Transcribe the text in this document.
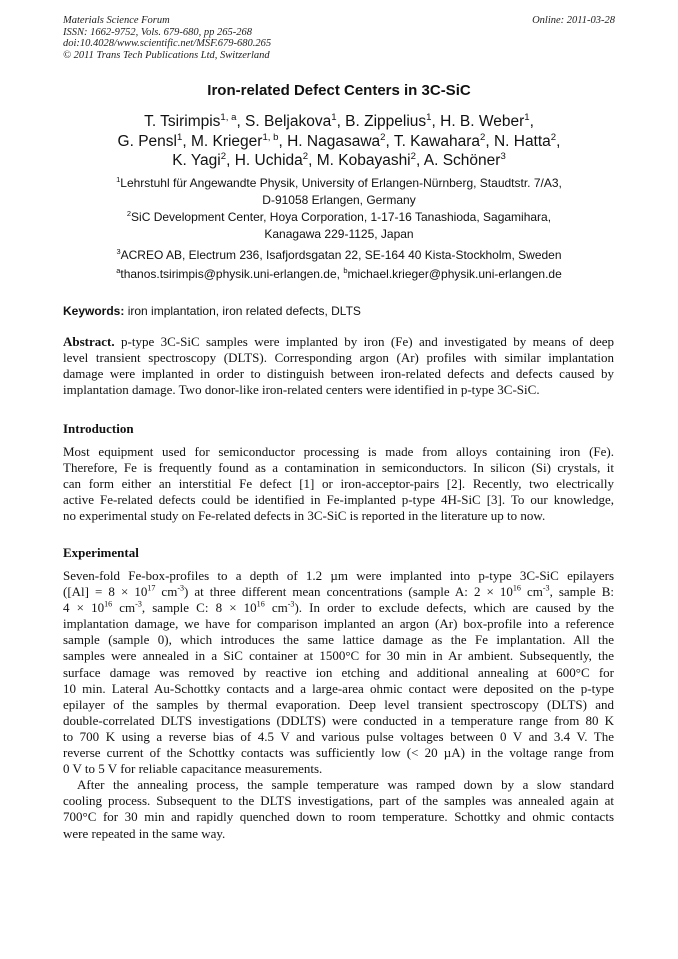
Materials Science Forum
ISSN: 1662-9752, Vols. 679-680, pp 265-268
doi:10.4028/www.scientific.net/MSF.679-680.265
© 2011 Trans Tech Publications Ltd, Switzerland
Online: 2011-03-28
Iron-related Defect Centers in 3C-SiC
T. Tsirimpis$^{1, a}$, S. Beljakova$^1$, B. Zippelius$^1$, H. B. Weber$^1$,
G. Pensl$^1$, M. Krieger$^{1, b}$, H. Nagasawa$^2$, T. Kawahara$^2$, N. Hatta$^2$,
K. Yagi$^2$, H. Uchida$^2$, M. Kobayashi$^2$, A. Schöner$^3$
$^1$Lehrstuhl für Angewandte Physik, University of Erlangen-Nürnberg, Staudtstr. 7/A3,
D-91058 Erlangen, Germany
$^2$SiC Development Center, Hoya Corporation, 1-17-16 Tanashioda, Sagamihara,
Kanagawa 229-1125, Japan
$^3$ACREO AB, Electrum 236, Isafjordsgatan 22, SE-164 40 Kista-Stockholm, Sweden
$^a$thanos.tsirimpis@physik.uni-erlangen.de, $^b$michael.krieger@physik.uni-erlangen.de
Keywords: iron implantation, iron related defects, DLTS
Abstract. p-type 3C-SiC samples were implanted by iron (Fe) and investigated by means of deep
level transient spectroscopy (DLTS). Corresponding argon (Ar) profiles with similar implantation
damage were implanted in order to distinguish between iron-related defects and defects caused by
implantation damage. Two donor-like iron-related centers were identified in p-type 3C-SiC.
Introduction
Most equipment used for semiconductor processing is made from alloys containing iron (Fe).
Therefore, Fe is frequently found as a contamination in semiconductors. In silicon (Si) crystals, it
can form either an interstitial Fe defect [1] or iron-acceptor-pairs [2]. Recently, two electrically
active Fe-related defects could be identified in Fe-implanted p-type 4H-SiC [3]. To our knowledge,
no experimental study on Fe-related defects in 3C-SiC is reported in the literature up to now.
Experimental
Seven-fold Fe-box-profiles to a depth of 1.2 µm were implanted into p-type 3C-SiC epilayers
($[Al] = 8 \times 10^{17}$ $cm^{-3}$) at three different mean concentrations (sample A: $2 \times 10^{16}$ $cm^{-3}$, sample B:
$4 \times 10^{16}$ $cm^{-3}$, sample C: $8 \times 10^{16}$ $cm^{-3}$). In order to exclude defects, which are caused by the
implantation damage, we have for comparison implanted an argon (Ar) box-profile into a reference
sample (sample 0), which introduces the same lattice damage as the Fe implantation. All the
samples were annealed in a SiC container at 1500°C for 30 min in Ar ambient. Subsequently, the
surface damage was removed by reactive ion etching and additional annealing at 600°C for
10 min. Lateral Au-Schottky contacts and a large-area ohmic contact were deposited on the p-type
epilayer of the samples by thermal evaporation. Deep level transient spectroscopy (DLTS) and
double-correlated DLTS investigations (DDLTS) were conducted in a temperature range from 80 K
to 700 K using a reverse bias of 4.5 V and various pulse voltages between 0 V and 3.4 V. The
reverse current of the Schottky contacts was sufficiently low (< 20 µA) in the voltage range from
0 V to 5 V for reliable capacitance measurements.
After the annealing process, the sample temperature was ramped down by a slow standard
cooling process. Subsequent to the DLTS investigations, part of the samples was annealed again at
700°C for 30 min and rapidly quenched down to room temperature. Schottky and ohmic contacts
were repeated in the same way.
